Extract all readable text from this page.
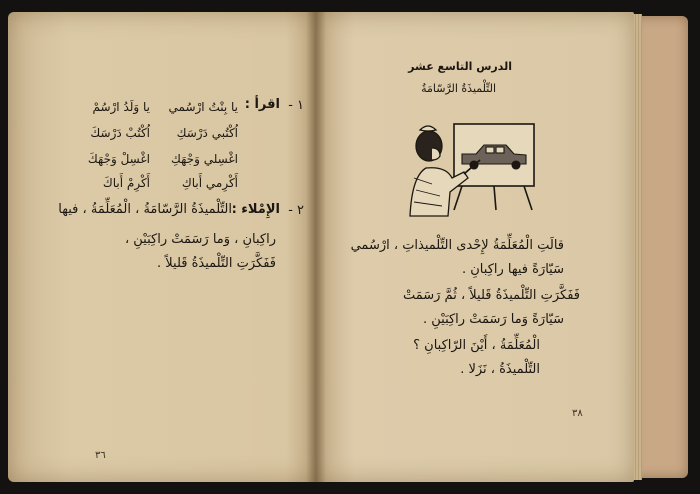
١ -
اقرأ :
يا بِنْتُ ارْسُمي
يا وَلَدُ ارْسُمْ
اُكْتُبي دَرْسَكِ
اُكْتُبْ دَرْسَكَ
اغْسِلي وَجْهَكِ
اغْسِلْ وَجْهَكَ
أَكْرِمي أَباكِ
أَكْرِمْ أَباكَ
٢ -
الإِمْلاء :
التِّلْميذَةُ الرَّسّامَةُ ، الْمُعَلِّمَةُ ، فيها
راكِبانِ ، وَما رَسَمَتْ راكِبَيْنِ ،
فَفَكَّرَتِ التِّلْميذَةُ قَليلاً .
٣٦
الدرس التاسع عشر
التِّلْميذَةُ الرَّسّامَةُ
قالَتِ الْمُعَلِّمَةُ لإِحْدى التِّلْميذاتِ ، ارْسُمي
سَيّارَةً فيها راكِبانِ .
فَفَكَّرَتِ التِّلْميذَةُ قَليلاً ، ثُمَّ رَسَمَتْ
سَيّارَةً وَما رَسَمَتْ راكِبَيْنِ .
الْمُعَلِّمَةُ ، أَيْنَ الرّاكِبانِ ؟
التِّلْميذَةُ ، نَزَلا .
٣٨
